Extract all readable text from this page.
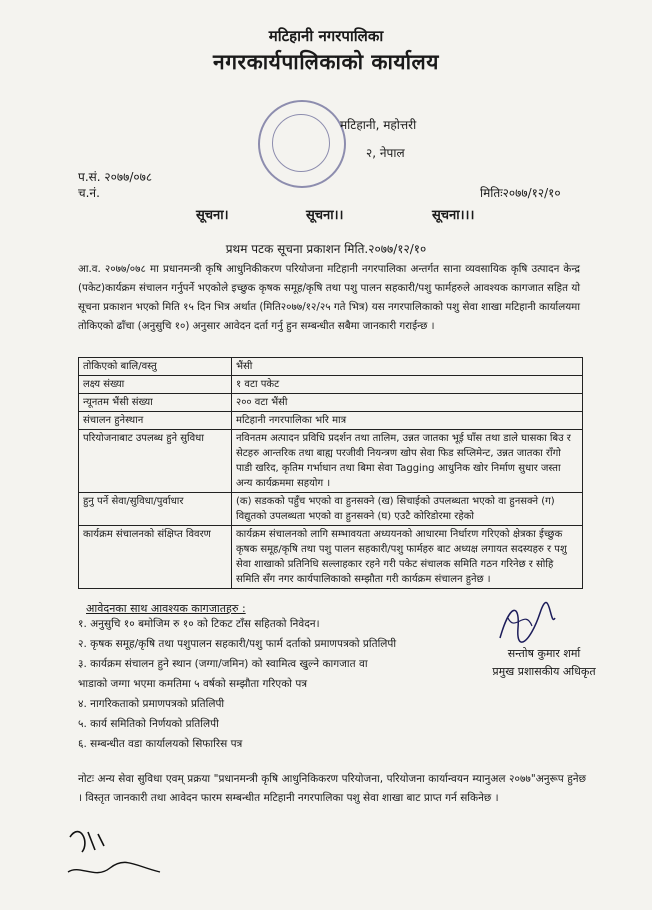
मटिहानी नगरपालिका
नगरकार्यपालिकाको कार्यालय
मटिहानी, महोत्तरी
२, नेपाल
प.सं. २०७७/०७८
च.नं.	मितिः२०७७/१२/१०
सूचना।	सूचना।।	सूचना।।।
प्रथम पटक सूचना प्रकाशन मिति.२०७७/१२/१०
आ.व. २०७७/०७८ मा प्रधानमन्त्री कृषि आधुनिकीकरण परियोजना मटिहानी नगरपालिका अन्तर्गत साना व्यवसायिक कृषि उत्पादन केन्द्र (पकेट)कार्यक्रम संचालन गर्नुपर्ने भएकोले इच्छुक कृषक समूह/कृषि तथा पशु पालन सहकारी/पशु फार्महरुले आवश्यक कागजात सहित यो सूचना प्रकाशन भएको मिति १५ दिन भित्र अर्थात (मिति२०७७/१२/२५ गते भित्र) यस नगरपालिकाको पशु सेवा शाखा मटिहानी कार्यालयमा तोकिएको ढाँचा (अनुसुचि १०) अनुसार आवेदन दर्ता गर्नु हुन सम्बन्धीत सबैमा जानकारी गराईन्छ ।
तोकिएको बालि/वस्तु	भैंसी
लक्ष्य संख्या	१ वटा पकेट
न्यूनतम भैंसी संख्या	२०० वटा भैंसी
संचालन हुनेस्थान	मटिहानी नगरपालिका भरि मात्र
परियोजनाबाट उपलब्ध हुने सुविधा	नविनतम अत्पादन प्रविधि प्रदर्शन तथा तालिम, उन्नत जातका भूई घाँस तथा डाले घासका बिउ र सेटहरु आन्तरिक तथा बाह्य परजीवी नियन्त्रण खोप सेवा फिड सप्लिमेन्ट, उन्नत जातका राँगो पाडी खरिद, कृतिम गर्भाधान तथा बिमा सेवा Tagging आधुनिक खोर निर्माण सुधार जस्ता अन्य कार्यक्रममा सहयोग ।
हुनु पर्ने सेवा/सुविधा/पुर्वाधार	(क) सडकको पहुँच भएको वा हुनसक्ने (ख) सिचाईको उपलब्धता भएको वा हुनसक्ने (ग) विद्युतको उपलब्धता भएको वा हुनसक्ने (घ) एउटै कोरिडोरमा रहेको
कार्यक्रम संचालनको संक्षिप्त विवरण	कार्यक्रम संचालनको लागि सम्भावयता अध्ययनको आधारमा निर्धारण गरिएको क्षेत्रका ईच्छुक कृषक समूह/कृषि तथा पशु पालन सहकारी/पशु फार्महरु बाट अध्यक्ष लगायत सदस्यहरु र पशु सेवा शाखाको प्रतिनिधि सल्लाहकार रहने गरी पकेट संचालक समिति गठन गरिनेछ र सोहि समिति सँग नगर कार्यपालिकाको सम्झौता गरी कार्यक्रम संचालन हुनेछ ।
आवेदनका साथ आवश्यक कागजातहरु :
१. अनुसुचि १० बमोजिम रु १० को टिकट टाँस सहितको निवेदन।
२. कृषक समूह/कृषि तथा पशुपालन सहकारी/पशु फार्म दर्ताको प्रमाणपत्रको प्रतिलिपी
३. कार्यक्रम संचालन हुने स्थान (जग्गा/जमिन) को स्वामित्व खुल्ने कागजात वा
भाडाको जग्गा भएमा कमतिमा ५ वर्षको सम्झौता गरिएको पत्र
४. नागरिकताको प्रमाणपत्रको प्रतिलिपी
५. कार्य समितिको निर्णयको प्रतिलिपी
६. सम्बन्धीत वडा कार्यालयको सिफारिस पत्र
सन्तोष कुमार शर्मा
प्रमुख प्रशासकीय अधिकृत
नोटः अन्य सेवा सुविधा एवम् प्रक्रया "प्रधानमन्त्री कृषि आधुनिकिकरण परियोजना, परियोजना कार्यान्वयन म्यानुअल २०७७"अनुरूप हुनेछ । विस्तृत जानकारी तथा आवेदन फारम सम्बन्धीत मटिहानी नगरपालिका पशु सेवा शाखा बाट प्राप्त गर्न सकिनेछ ।
